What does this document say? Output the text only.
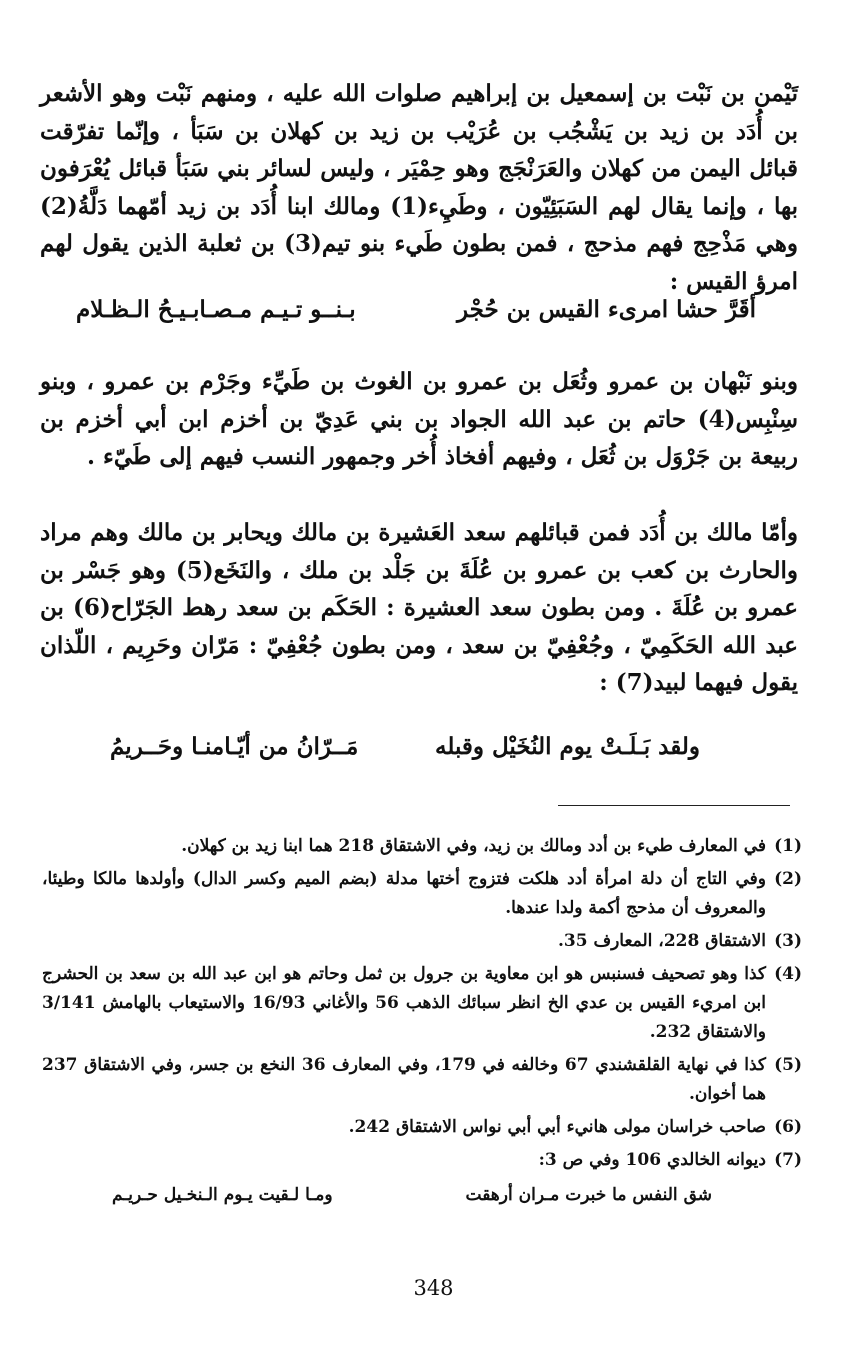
تَيْمن بن نَبْت بن إسمعيل بن إبراهيم صلوات الله عليه ، ومنهم نَبْت وهو الأشعر بن أُدَد بن زيد بن يَشْجُب بن عُرَيْب بن زيد بن كهلان بن سَبَأ ، وإنّما تفرّقت قبائل اليمن من كهلان والعَرَنْجَج وهو حِمْيَر ، وليس لسائر بني سَبَأ قبائل يُعْرَفون بها ، وإنما يقال لهم السَبَئِيّون ، وطَيِء(1) ومالك ابنا أُدَد بن زيد أمّهما دَلَّةُ(2) وهي مَذْحِج فهم مذحج ، فمن بطون طَيء بنو تيم(3) بن ثعلبة الذين يقول لهم امرؤ القيس :

أقَرَّ حشا امرىء القيس بن حُجْر
بـنــو تـيـم مـصـابـيـحُ الـظـلام

وبنو نَبْهان بن عمرو وثُعَل بن عمرو بن الغوث بن طَيِّء وجَرْم بن عمرو ، وبنو سِنْبِس(4) حاتم بن عبد الله الجواد بن بني عَدِيّ بن أخزم ابن أبي أخزم بن ربيعة بن جَرْوَل بن ثُعَل ، وفيهم أفخاذ أُخر وجمهور النسب فيهم إلى طَيّء .

وأمّا مالك بن أُدَد فمن قبائلهم سعد العَشيرة بن مالك ويحابر بن مالك وهم مراد والحارث بن كعب بن عمرو بن عُلَةَ بن جَلْد بن ملك ، والنَخَع(5) وهو جَسْر بن عمرو بن عُلَةَ . ومن بطون سعد العشيرة : الحَكَم بن سعد رهط الجَرّاح(6) بن عبد الله الحَكَمِيّ ، وجُعْفِيّ بن سعد ، ومن بطون جُعْفِيّ : مَرّان وحَرِيم ، اللّذان يقول فيهما لبيد(7) :

ولقد بَـلَـتْ يوم النُخَيْل وقبله
مَــرّانُ من أيّـامنـا وحَــريمُ
(1)
في المعارف طيء بن أدد ومالك بن زيد، وفي الاشتقاق 218 هما ابنا زيد بن كهلان.
(2)
وفي التاج أن دلة امرأة أدد هلكت فتزوج أختها مدلة (بضم الميم وكسر الدال) وأولدها مالكا وطيئا، والمعروف أن مذحج أكمة ولدا عندها.
(3)
الاشتقاق 228، المعارف 35.
(4)
كذا وهو تصحيف فسنبس هو ابن معاوية بن جرول بن ثمل وحاتم هو ابن عبد الله بن سعد بن الحشرج ابن امريء القيس بن عدي الخ انظر سبائك الذهب 56 والأغاني 16/93 والاستيعاب بالهامش 3/141 والاشتقاق 232.
(5)
كذا في نهاية القلقشندي 67 وخالفه في 179، وفي المعارف 36 النخع بن جسر، وفي الاشتقاق 237 هما أخوان.
(6)
صاحب خراسان مولى هانيء أبي أبي نواس الاشتقاق 242.
(7)
ديوانه الخالدي 106 وفي ص 3:
شق النفس ما خبرت مـران أرهقت
ومـا لـقيت يـوم الـنخـيل حـريـم
348
